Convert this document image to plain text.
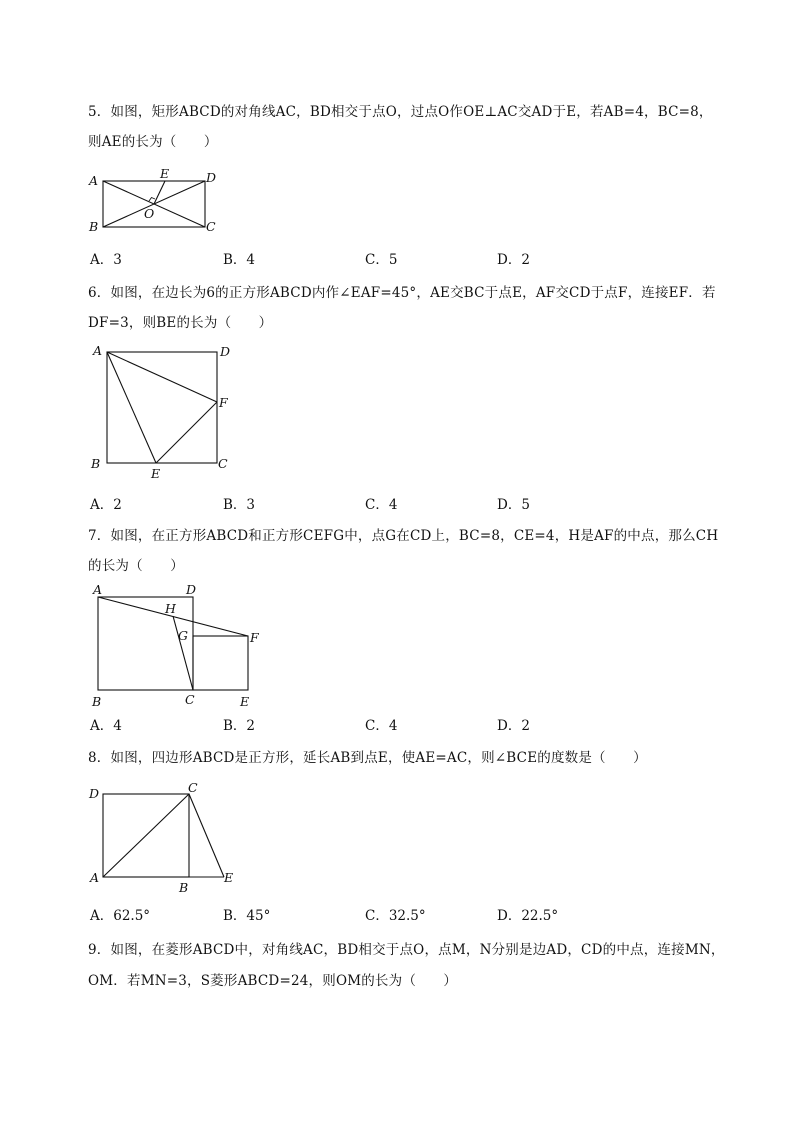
5．如图，矩形ABCD的对角线AC，BD相交于点O，过点O作OE⊥AC交AD于E，若AB=4，BC=8，
则AE的长为（　　）
A
B	C
D
E
O
A．3	B．4	C．5	D．2
6．如图，在边长为6的正方形ABCD内作∠EAF=45°，AE交BC于点E，AF交CD于点F，连接EF．若
DF=3，则BE的长为（　　）
A
B	C
D
E
F
A．2	B．3	C．4	D．5
7．如图，在正方形ABCD和正方形CEFG中，点G在CD上，BC=8，CE=4，H是AF的中点，那么CH
的长为（　　）
A
B	C
D
E
F
G
H
A．4	B．2	C．4	D．2
8．如图，四边形ABCD是正方形，延长AB到点E，使AE=AC，则∠BCE的度数是（　　）
D	C
A
B
E
A．62.5°	B．45°	C．32.5°	D．22.5°
9．如图，在菱形ABCD中，对角线AC，BD相交于点O，点M，N分别是边AD，CD的中点，连接MN，
OM．若MN=3，S菱形ABCD=24，则OM的长为（　　）
